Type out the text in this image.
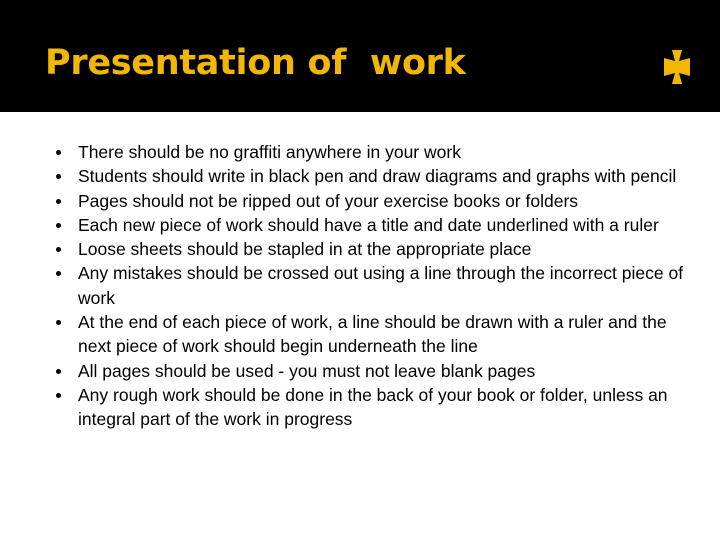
Presentation of  work
There should be no graffiti anywhere in your work
Students should write in black pen and draw diagrams and graphs with pencil
Pages should not be ripped out of your exercise books or folders
Each new piece of work should have a title and date underlined with a ruler
Loose sheets should be stapled in at the appropriate place
Any mistakes should be crossed out using a line through the incorrect piece of work
At the end of each piece of work, a line should be drawn with a ruler and the next piece of work should begin underneath the line
All pages should be used - you must not leave blank pages
Any rough work should be done in the back of your book or folder, unless an integral part of the work in progress
